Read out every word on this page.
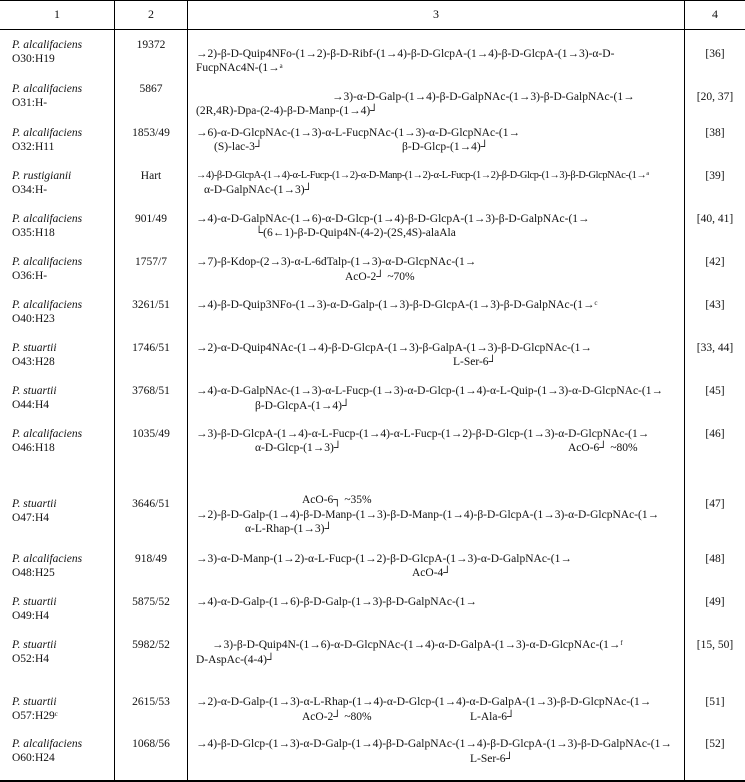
1	2	3	4
P. alcalifaciens
O30:H19
19372
→2)-β-D-Quip4NFo-(1→2)-β-D-Ribf-(1→4)-β-D-GlcpA-(1→4)-β-D-GlcpA-(1→3)-α-D-
FucpNAc4N-(1→ᵃ
[36]
P. alcalifaciens
O31:H-
5867
→3)-α-D-Galp-(1→4)-β-D-GalpNAc-(1→3)-β-D-GalpNAc-(1→
(2R,4R)-Dpa-(2-4)-β-D-Manp-(1→4)┘
[20, 37]
P. alcalifaciens
O32:H11
1853/49	→6)-α-D-GlcpNAc-(1→3)-α-L-FucpNAc-(1→3)-α-D-GlcpNAc-(1→
(S)-lac-3┘	β-D-Glcp-(1→4)┘
[38]
P. rustigianii
O34:H-
Hart	→4)-β-D-GlcpA-(1→4)-α-L-Fucp-(1→2)-α-D-Manp-(1→2)-α-L-Fucp-(1→2)-β-D-Glcp-(1→3)-β-D-GlcpNAc-(1→ᵃ
α-D-GalpNAc-(1→3)┘
[39]
P. alcalifaciens
O35:H18
901/49	→4)-α-D-GalpNAc-(1→6)-α-D-Glcp-(1→4)-β-D-GlcpA-(1→3)-β-D-GalpNAc-(1→
└(6←1)-β-D-Quip4N-(4-2)-(2S,4S)-alaAla
[40, 41]
P. alcalifaciens
O36:H-
1757/7	→7)-β-Kdop-(2→3)-α-L-6dTalp-(1→3)-α-D-GlcpNAc-(1→
AcO-2┘ ~70%
[42]
P. alcalifaciens
O40:H23
3261/51	→4)-β-D-Quip3NFo-(1→3)-α-D-Galp-(1→3)-β-D-GlcpA-(1→3)-β-D-GalpNAc-(1→ᶜ	[43]
P. stuartii
O43:H28
1746/51	→2)-α-D-Quip4NAc-(1→4)-β-D-GlcpA-(1→3)-β-GalpA-(1→3)-β-D-GlcpNAc-(1→
L-Ser-6┘
[33, 44]
P. stuartii
O44:H4
3768/51	→4)-α-D-GalpNAc-(1→3)-α-L-Fucp-(1→3)-α-D-Glcp-(1→4)-α-L-Quip-(1→3)-α-D-GlcpNAc-(1→
β-D-GlcpA-(1→4)┘
[45]
P. alcalifaciens
O46:H18
1035/49	→3)-β-D-GlcpA-(1→4)-α-L-Fucp-(1→4)-α-L-Fucp-(1→2)-β-D-Glcp-(1→3)-α-D-GlcpNAc-(1→
α-D-Glcp-(1→3)┘	AcO-6┘ ~80%
[46]
P. stuartii
O47:H4
3646/51	AcO-6┐ ~35%
→2)-β-D-Galp-(1→4)-β-D-Manp-(1→3)-β-D-Manp-(1→4)-β-D-GlcpA-(1→3)-α-D-GlcpNAc-(1→
α-L-Rhap-(1→3)┘
[47]
P. alcalifaciens
O48:H25
918/49	→3)-α-D-Manp-(1→2)-α-L-Fucp-(1→2)-β-D-GlcpA-(1→3)-α-D-GalpNAc-(1→
AcO-4┘
[48]
P. stuartii
O49:H4
5875/52	→4)-α-D-Galp-(1→6)-β-D-Galp-(1→3)-β-D-GalpNAc-(1→	[49]
P. stuartii
O52:H4
5982/52	→3)-β-D-Quip4N-(1→6)-α-D-GlcpNAc-(1→4)-α-D-GalpA-(1→3)-α-D-GlcpNAc-(1→ᶠ
D-AspAc-(4-4)┘
[15, 50]
P. stuartii
O57:H29ᶜ
2615/53	→2)-α-D-Galp-(1→3)-α-L-Rhap-(1→4)-α-D-Glcp-(1→4)-α-D-GalpA-(1→3)-β-D-GlcpNAc-(1→
AcO-2┘ ~80%	L-Ala-6┘
[51]
P. alcalifaciens
O60:H24
1068/56	→4)-β-D-Glcp-(1→3)-α-D-Galp-(1→4)-β-D-GalpNAc-(1→4)-β-D-GlcpA-(1→3)-β-D-GalpNAc-(1→
L-Ser-6┘
[52]
